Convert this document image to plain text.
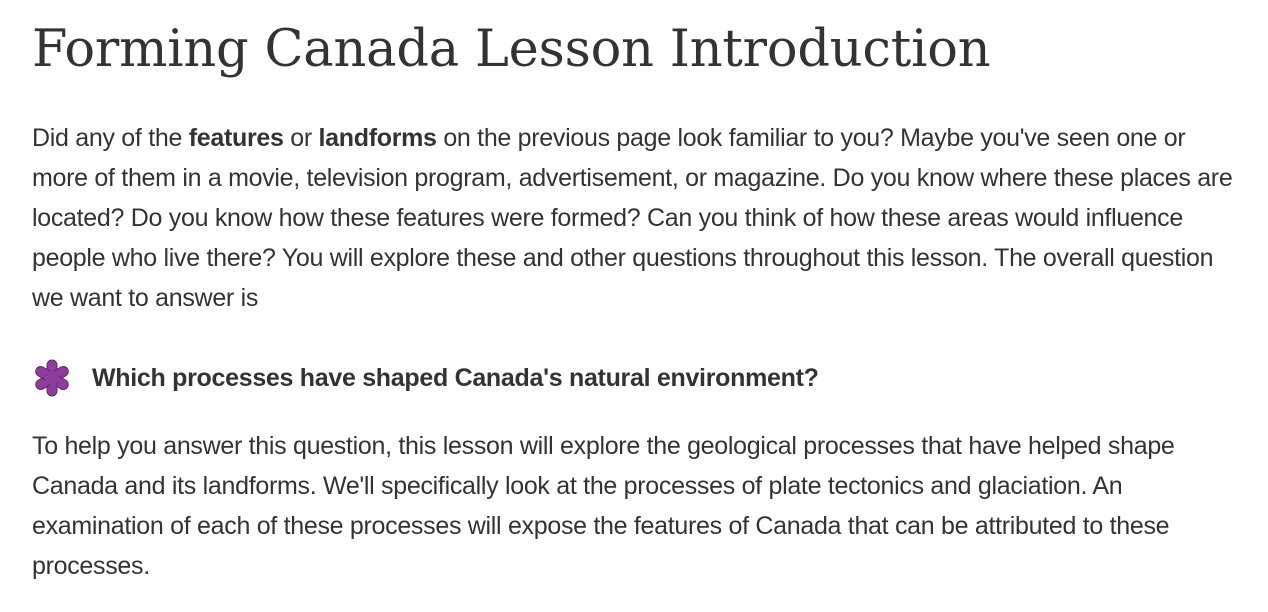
Forming Canada Lesson Introduction

Did any of the features or landforms on the previous page look familiar to you? Maybe you've seen one or more of them in a movie, television program, advertisement, or magazine. Do you know where these places are located? Do you know how these features were formed? Can you think of how these areas would influence people who live there? You will explore these and other questions throughout this lesson. The overall question we want to answer is

Which processes have shaped Canada's natural environment?

To help you answer this question, this lesson will explore the geological processes that have helped shape Canada and its landforms. We'll specifically look at the processes of plate tectonics and glaciation. An examination of each of these processes will expose the features of Canada that can be attributed to these processes.
